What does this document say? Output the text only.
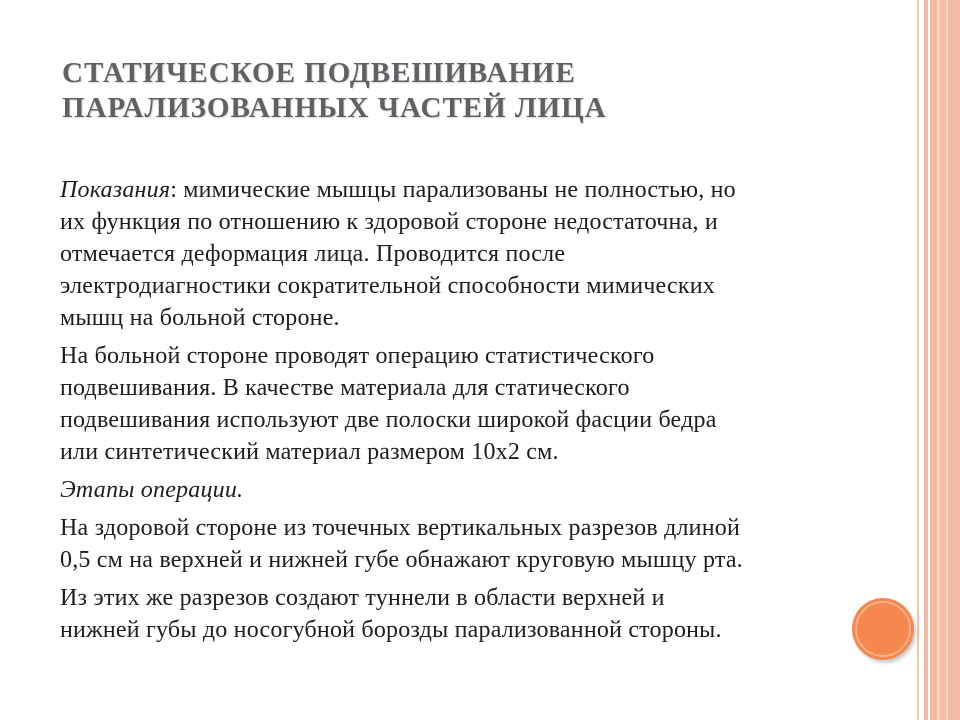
СТАТИЧЕСКОЕ ПОДВЕШИВАНИЕ
ПАРАЛИЗОВАННЫХ ЧАСТЕЙ ЛИЦА

Показания: мимические мышцы парализованы не полностью, но
их функция по отношению к здоровой стороне недостаточна, и
отмечается деформация лица. Проводится после
электродиагностики сократительной способности мимических
мышц на больной стороне.

На больной стороне проводят операцию статистического
подвешивания. В качестве материала для статического
подвешивания используют две полоски широкой фасции бедра
или синтетический материал размером 10х2 см.

Этапы операции.

На здоровой стороне из точечных вертикальных разрезов длиной
0,5 см на верхней и нижней губе обнажают круговую мышцу рта.

Из этих же разрезов создают туннели в области верхней и
нижней губы до носогубной борозды парализованной стороны.
